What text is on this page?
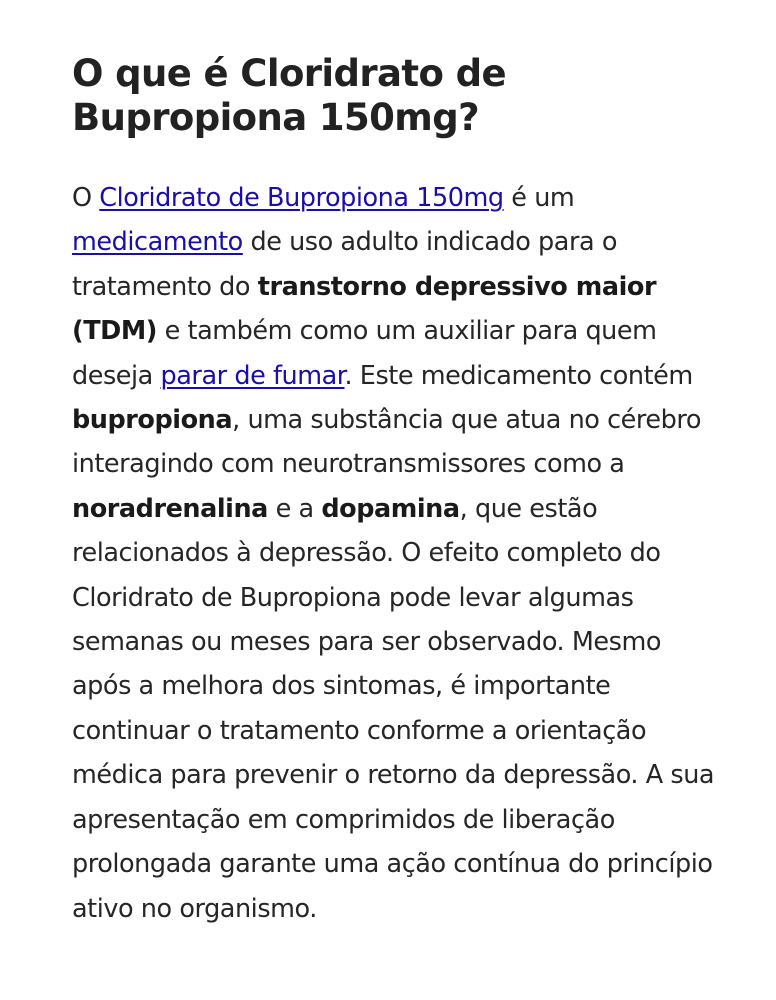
O que é Cloridrato de Bupropiona 150mg?

O Cloridrato de Bupropiona 150mg é um medicamento de uso adulto indicado para o tratamento do transtorno depressivo maior (TDM) e também como um auxiliar para quem deseja parar de fumar. Este medicamento contém bupropiona, uma substância que atua no cérebro interagindo com neurotransmissores como a noradrenalina e a dopamina, que estão relacionados à depressão. O efeito completo do Cloridrato de Bupropiona pode levar algumas semanas ou meses para ser observado. Mesmo após a melhora dos sintomas, é importante continuar o tratamento conforme a orientação médica para prevenir o retorno da depressão. A sua apresentação em comprimidos de liberação prolongada garante uma ação contínua do princípio ativo no organismo.
